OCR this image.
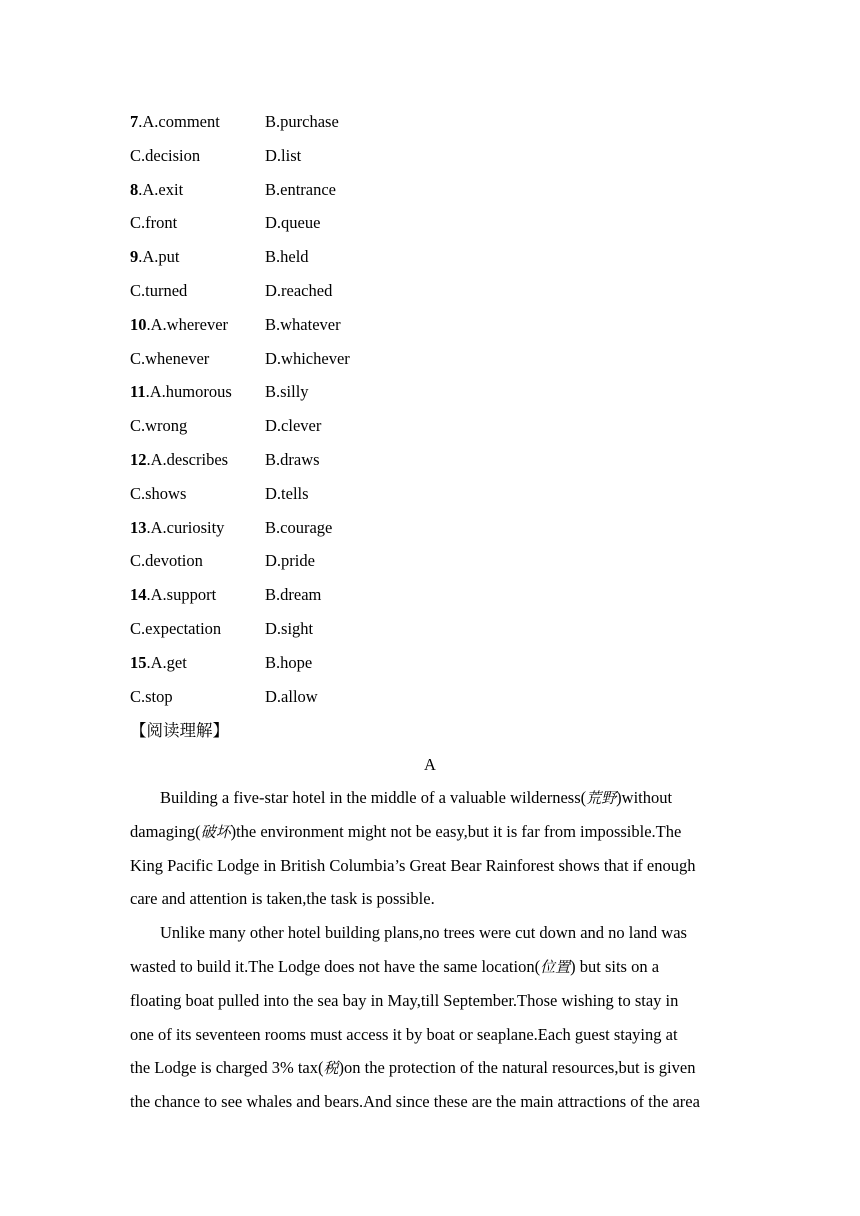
7.A.comment	B.purchase
C.decision	D.list
8.A.exit	B.entrance
C.front	D.queue
9.A.put	B.held
C.turned	D.reached
10.A.wherever B.whatever
C.whenever	D.whichever
11.A.humorous B.silly
C.wrong	D.clever
12.A.describes B.draws
C.shows	D.tells
13.A.curiosity B.courage
C.devotion	D.pride
14.A.support	B.dream
C.expectation	D.sight
15.A.get	B.hope
C.stop	D.allow
【阅读理解】
A
Building a five-star hotel in the middle of a valuable wilderness(荒野)without
damaging(破坏)the environment might not be easy,but it is far from impossible.The
King Pacific Lodge in British Columbia’s Great Bear Rainforest shows that if enough
care and attention is taken,the task is possible.
Unlike many other hotel building plans,no trees were cut down and no land was
wasted to build it.The Lodge does not have the same location(位置) but sits on a
floating boat pulled into the sea bay in May,till September.Those wishing to stay in
one of its seventeen rooms must access it by boat or seaplane.Each guest staying at
the Lodge is charged 3% tax(税)on the protection of the natural resources,but is given
the chance to see whales and bears.And since these are the main attractions of the area
